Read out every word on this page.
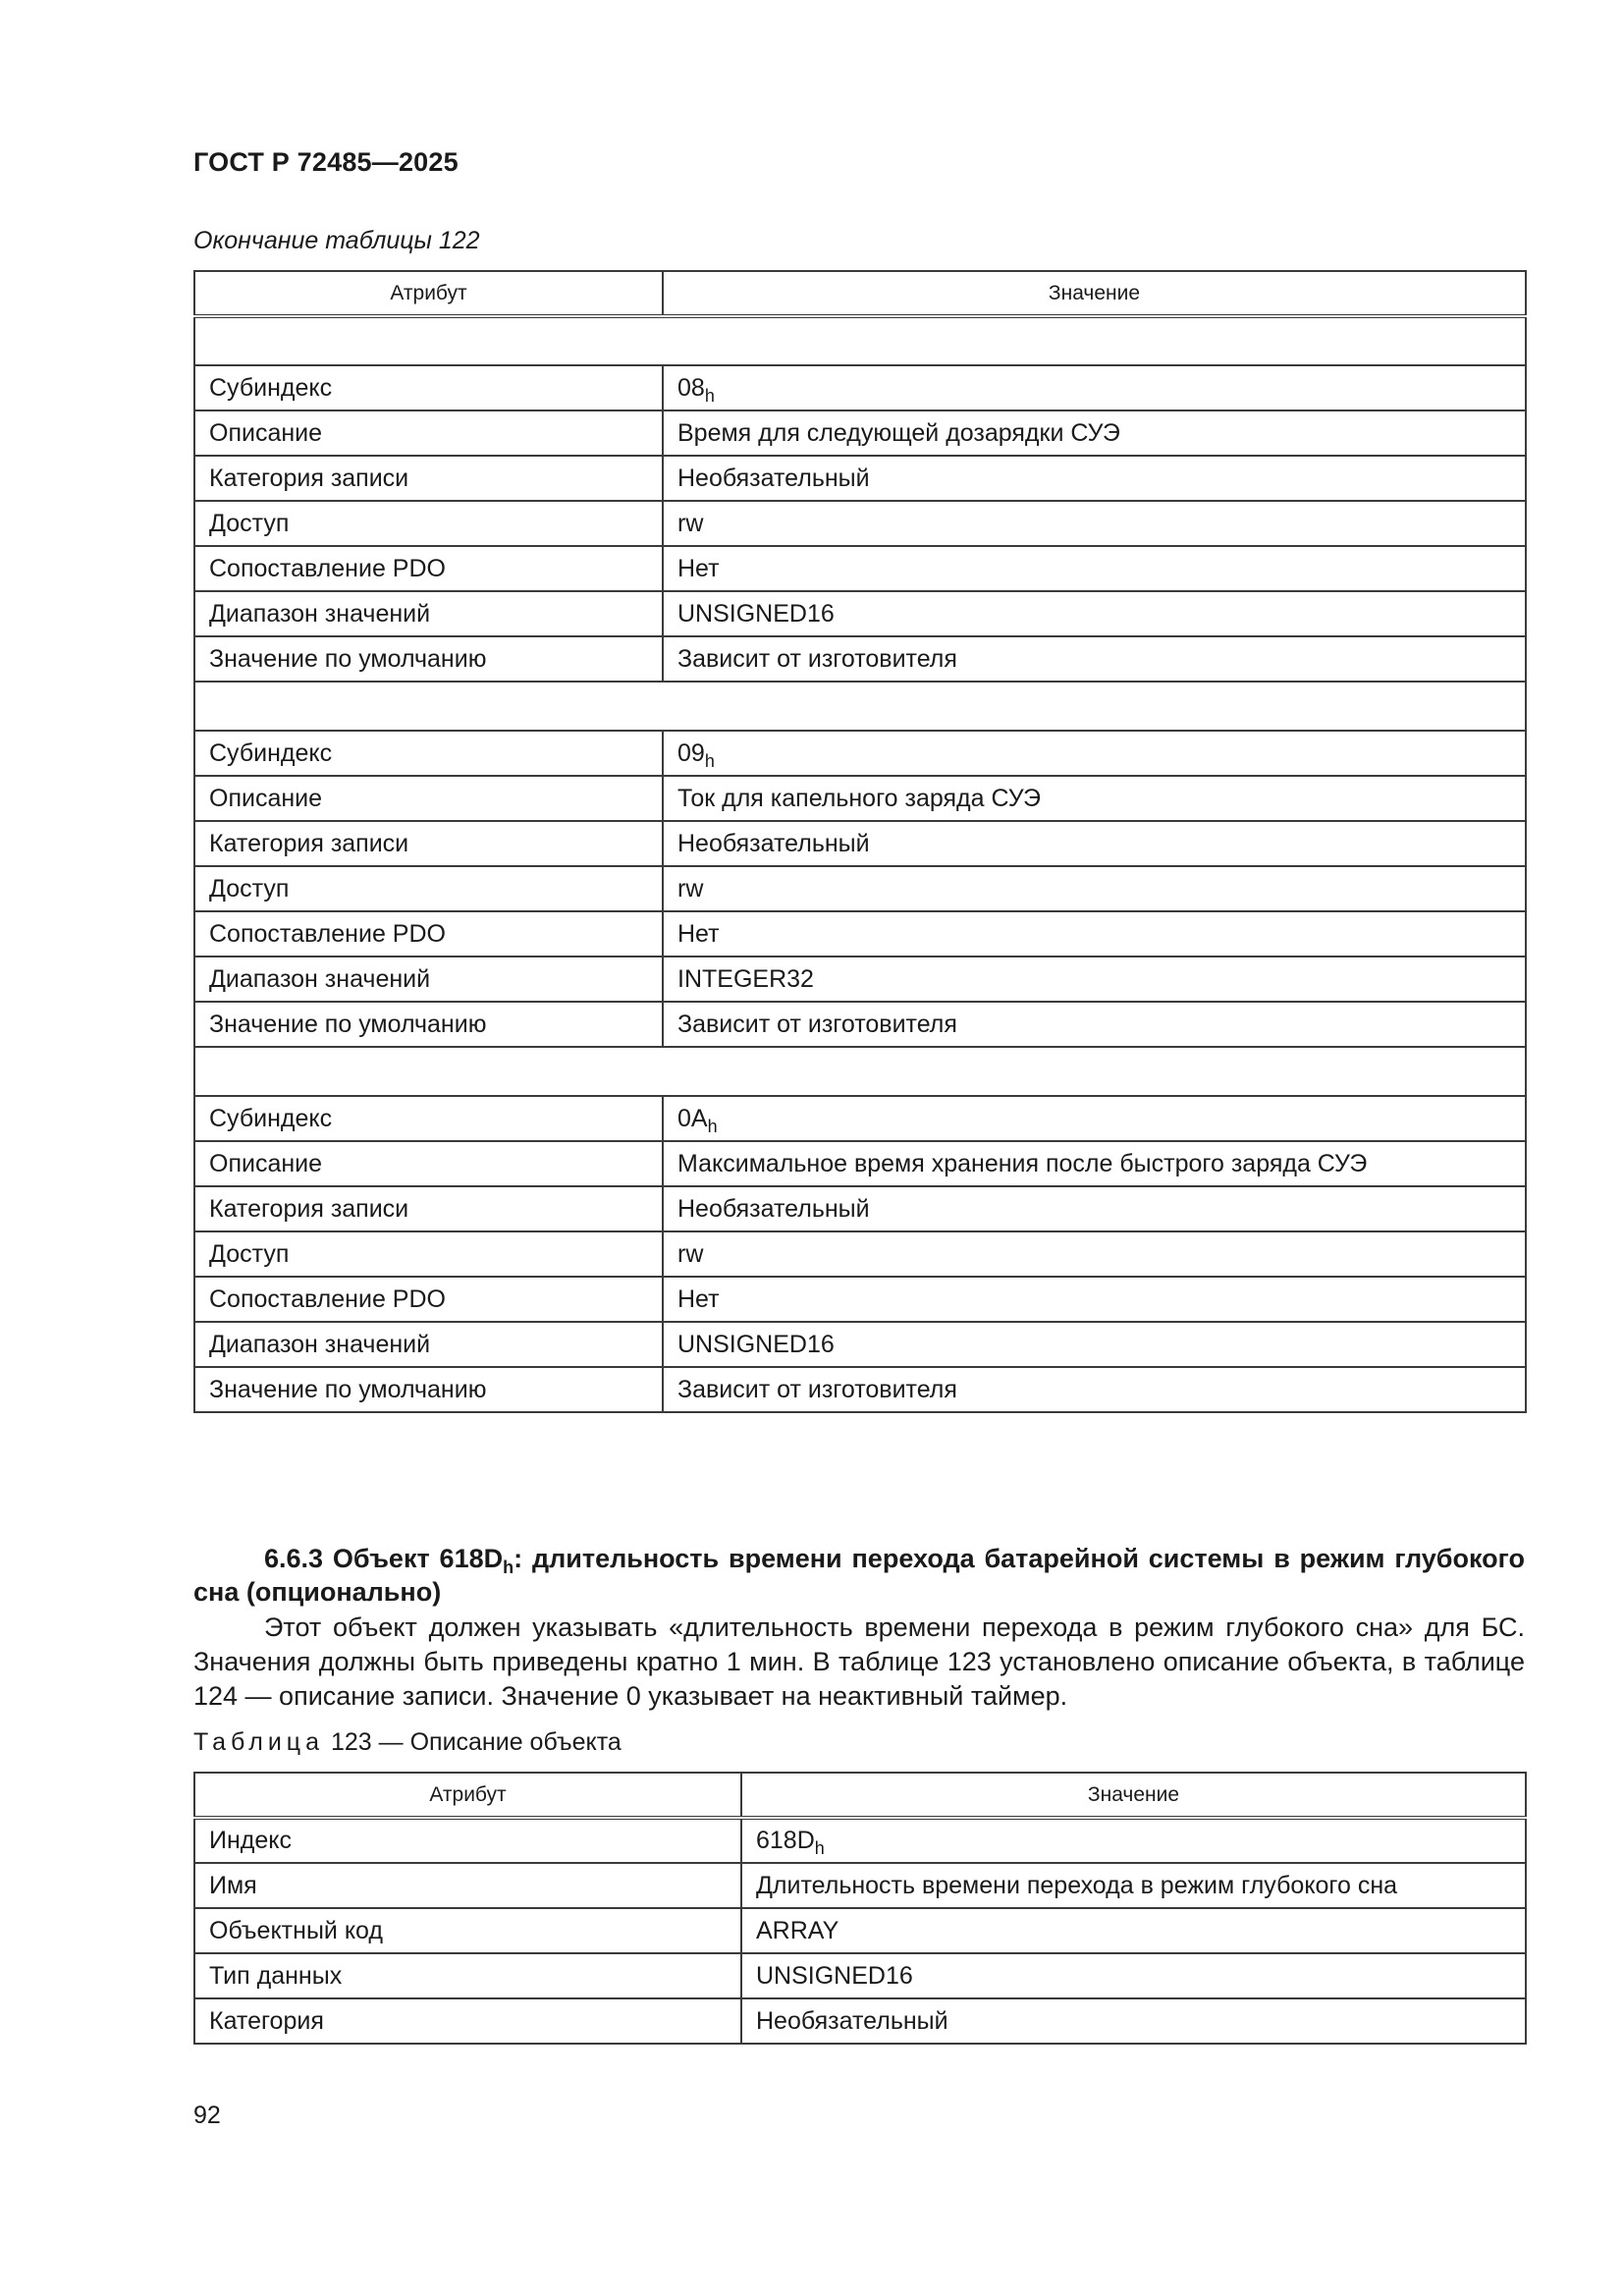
ГОСТ Р 72485—2025
Окончание таблицы 122
Атрибут	Значение

Субиндекс	$08_h$
Описание	Время для следующей дозарядки СУЭ
Категория записи	Необязательный
Доступ	rw
Сопоставление PDO	Нет
Диапазон значений	UNSIGNED16
Значение по умолчанию	Зависит от изготовителя

Субиндекс	$09_h$
Описание	Ток для капельного заряда СУЭ
Категория записи	Необязательный
Доступ	rw
Сопоставление PDO	Нет
Диапазон значений	INTEGER32
Значение по умолчанию	Зависит от изготовителя

Субиндекс	$0A_h$
Описание	Максимальное время хранения после быстрого заряда СУЭ
Категория записи	Необязательный
Доступ	rw
Сопоставление PDO	Нет
Диапазон значений	UNSIGNED16
Значение по умолчанию	Зависит от изготовителя
6.6.3 Объект $618D_h$: длительность времени перехода батарейной системы в режим глубокого сна (опционально)
Этот объект должен указывать «длительность времени перехода в режим глубокого сна» для БС. Значения должны быть приведены кратно 1 мин. В таблице 123 установлено описание объекта, в таблице 124 — описание записи. Значение 0 указывает на неактивный таймер.
Таблица 123 — Описание объекта
Атрибут	Значение
Индекс	$618D_h$
Имя	Длительность времени перехода в режим глубокого сна
Объектный код	ARRAY
Тип данных	UNSIGNED16
Категория	Необязательный
92
